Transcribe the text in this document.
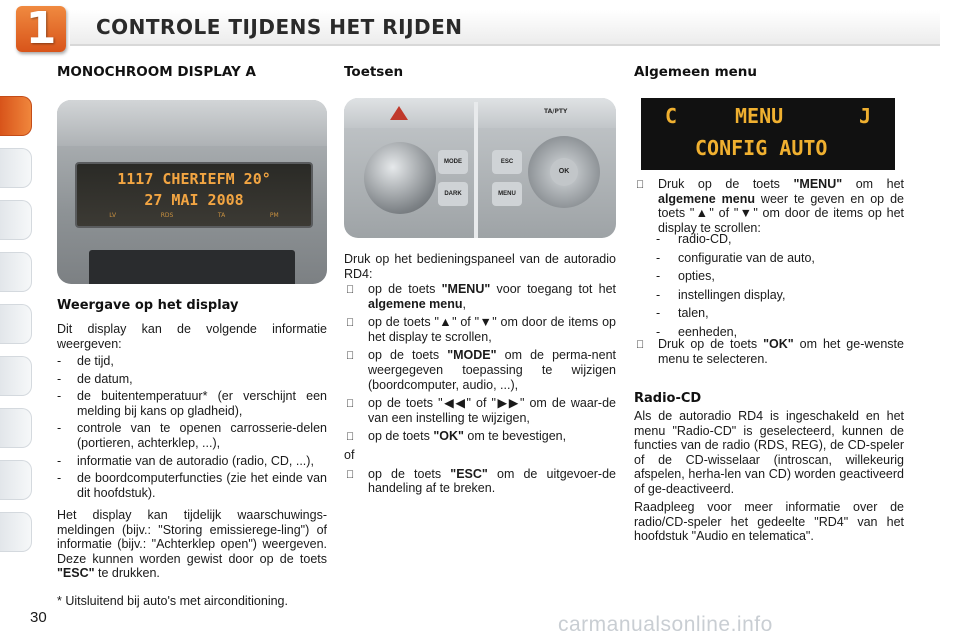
1	CONTROLE TIJDENS HET RIJDEN
MONOCHROOM DISPLAY A
1117 CHERIEFM 20°
27 MAI 2008
LV	RDS	TA	PM
Weergave op het display
Dit display kan de volgende informatie weergeven:
- de tijd,
- de datum,
- de buitentemperatuur* (er verschijnt een melding bij kans op gladheid),
- controle van te openen carrosserie-delen (portieren, achterklep, ...),
- informatie van de autoradio (radio, CD, ...),
- de boordcomputerfuncties (zie het einde van dit hoofdstuk).
Het display kan tijdelijk waarschuwings-meldingen (bijv.: "Storing emissierege-ling") of informatie (bijv.: "Achterklep open") weergeven. Deze kunnen worden gewist door op de toets "ESC" te drukken.
* Uitsluitend bij auto's met airconditioning.
Toetsen
TA/PTY
MODE
DARK
ESC
MENU
OK
Druk op het bedieningspaneel van de autoradio RD4:
op de toets "MENU" voor toegang tot het algemene menu,
op de toets "▲" of "▼" om door de items op het display te scrollen,
op de toets "MODE" om de perma-nent weergegeven toepassing te wijzigen (boordcomputer, audio, ...),
op de toets "◀◀" of "▶▶" om de waar-de van een instelling te wijzigen,
op de toets "OK" om te bevestigen,
of
op de toets "ESC" om de uitgevoer-de handeling af te breken.
Algemeen menu
C	MENU	J
CONFIG AUTO
Druk op de toets "MENU" om het algemene menu weer te geven en op de toets "▲" of "▼" om door de items op het display te scrollen:
- radio-CD,
- configuratie van de auto,
- opties,
- instellingen display,
- talen,
- eenheden,
Druk op de toets "OK" om het ge-wenste menu te selecteren.
Radio-CD
Als de autoradio RD4 is ingeschakeld en het menu "Radio-CD" is geselecteerd, kunnen de functies van de radio (RDS, REG), de CD-speler of de CD-wisselaar (introscan, willekeurig afspelen, herha-len van CD) worden geactiveerd of ge-deactiveerd.
Raadpleeg voor meer informatie over de radio/CD-speler het gedeelte "RD4" van het hoofdstuk "Audio en telematica".
30	carmanualsonline.info
